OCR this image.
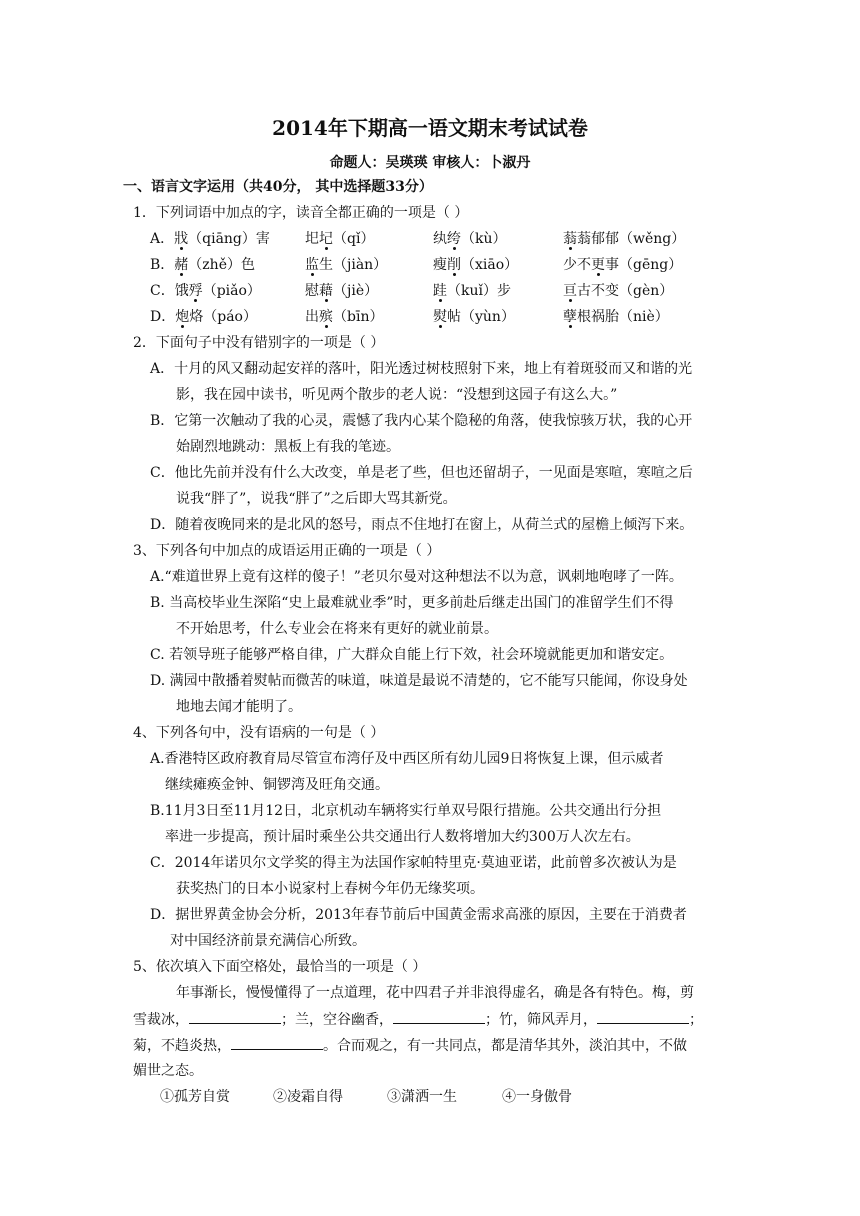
2014年下期高一语文期末考试试卷
命题人：吴瑛瑛 审核人：卜淑丹
一、语言文字运用（共40分， 其中选择题33分）
1．下列词语中加点的字，读音全都正确的一项是（ ）
A．戕（qiāng）害	圯圮（qǐ）	纨绔（kù）	蓊蓊郁郁（wěng）
B．赭（zhě）色	监生（jiàn）	瘦削（xiāo）	少不更事（gēng）
C．饿殍（piǎo）	慰藉（jiè）	跬（kuǐ）步	亘古不变（gèn）
D．炮烙（páo）	出殡（bīn）	熨帖（yùn）	孽根祸胎（niè）
2．下面句子中没有错别字的一项是（ ）
A．十月的风又翻动起安祥的落叶，阳光透过树枝照射下来，地上有着斑驳而又和谐的光
影，我在园中读书，听见两个散步的老人说：“没想到这园子有这么大。”
B．它第一次触动了我的心灵，震憾了我内心某个隐秘的角落，使我惊骇万状，我的心开
始剧烈地跳动：黑板上有我的笔迹。
C．他比先前并没有什么大改变，单是老了些，但也还留胡子，一见面是寒喧，寒喧之后
说我“胖了”，说我“胖了”之后即大骂其新党。
D．随着夜晚同来的是北风的怒号，雨点不住地打在窗上，从荷兰式的屋檐上倾泻下来。
3、下列各句中加点的成语运用正确的一项是（ ）
A.“难道世界上竟有这样的傻子！”老贝尔曼对这种想法不以为意，讽刺地咆哮了一阵。
B. 当高校毕业生深陷“史上最难就业季”时，更多前赴后继走出国门的准留学生们不得
不开始思考，什么专业会在将来有更好的就业前景。
C. 若领导班子能够严格自律，广大群众自能上行下效，社会环境就能更加和谐安定。
D. 满园中散播着熨帖而微苦的味道，味道是最说不清楚的，它不能写只能闻，你设身处
地地去闻才能明了。
4、下列各句中，没有语病的一句是（ ）
A.香港特区政府教育局尽管宣布湾仔及中西区所有幼儿园9日将恢复上课，但示威者
继续瘫痪金钟、铜锣湾及旺角交通。
B.11月3日至11月12日，北京机动车辆将实行单双号限行措施。公共交通出行分担
率进一步提高，预计届时乘坐公共交通出行人数将增加大约300万人次左右。
C．2014年诺贝尔文学奖的得主为法国作家帕特里克·莫迪亚诺，此前曾多次被认为是
获奖热门的日本小说家村上春树今年仍无缘奖项。
D．据世界黄金协会分析，2013年春节前后中国黄金需求高涨的原因，主要在于消费者
对中国经济前景充满信心所致。
5、依次填入下面空格处，最恰当的一项是（ ）
年事渐长，慢慢懂得了一点道理，花中四君子并非浪得虚名，确是各有特色。梅，剪
雪裁冰，	；兰，空谷幽香，	；竹，筛风弄月，	；
菊，不趋炎热，	。合而观之，有一共同点，都是清华其外，淡泊其中，不做
媚世之态。
①孤芳自赏	②凌霜自得	③潇洒一生	④一身傲骨
